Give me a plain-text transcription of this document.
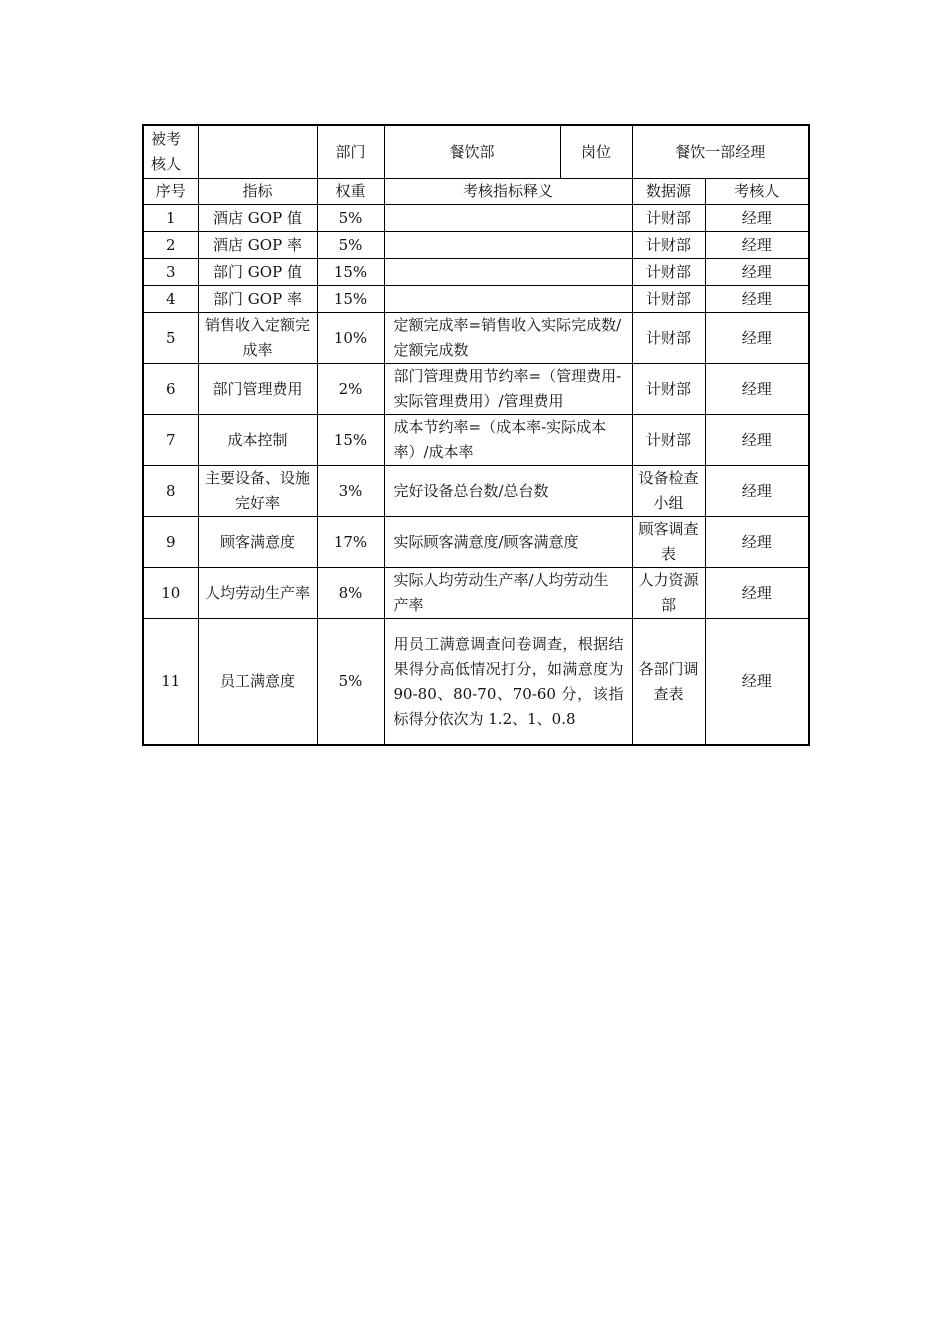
被考
核人		部门	餐饮部	岗位	餐饮一部经理	
序号	指标	权重	考核指标释义		数据源	考核人
1	酒店 GOP 值	5%			计财部	经理
2	酒店 GOP 率	5%			计财部	经理
3	部门 GOP 值	15%			计财部	经理
4	部门 GOP 率	15%			计财部	经理
5	销售收入定额完成率	10%	定额完成率=销售收入实际完成数/定额完成数		计财部	经理
6	部门管理费用	2%	部门管理费用节约率=（管理费用-实际管理费用）/管理费用		计财部	经理
7	成本控制	15%	成本节约率=（成本率-实际成本率）/成本率		计财部	经理
8	主要设备、设施完好率	3%	完好设备总台数/总台数		设备检查小组	经理
9	顾客满意度	17%	实际顾客满意度/顾客满意度		顾客调查表	经理
10	人均劳动生产率	8%	实际人均劳动生产率/人均劳动生产率		人力资源部	经理
11	员工满意度	5%	用员工满意调查问卷调查，根据结果得分高低情况打分，如满意度为 90-80、80-70、70-60 分，该指标得分依次为 1.2、1、0.8		各部门调查表	经理
